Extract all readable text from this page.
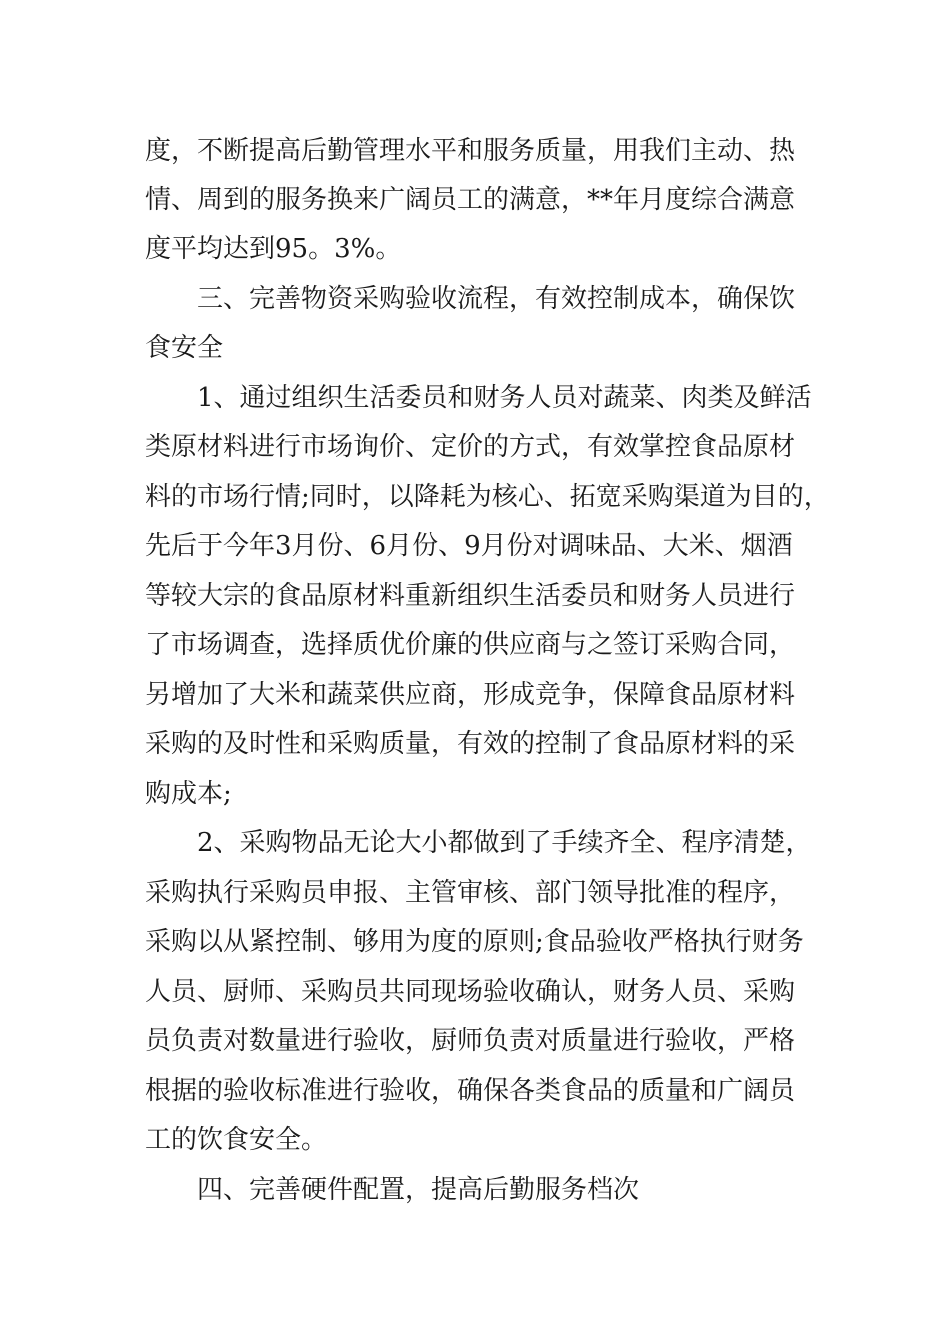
度，不断提高后勤管理水平和服务质量，用我们主动、热
情、周到的服务换来广阔员工的满意，**年月度综合满意
度平均达到95。3%。
三、完善物资采购验收流程，有效控制成本，确保饮
食安全
1、通过组织生活委员和财务人员对蔬菜、肉类及鲜活
类原材料进行市场询价、定价的方式，有效掌控食品原材
料的市场行情;同时，以降耗为核心、拓宽采购渠道为目的，
先后于今年3月份、6月份、9月份对调味品、大米、烟酒
等较大宗的食品原材料重新组织生活委员和财务人员进行
了市场调查，选择质优价廉的供应商与之签订采购合同，
另增加了大米和蔬菜供应商，形成竞争，保障食品原材料
采购的及时性和采购质量，有效的控制了食品原材料的采
购成本;
2、采购物品无论大小都做到了手续齐全、程序清楚，
采购执行采购员申报、主管审核、部门领导批准的程序，
采购以从紧控制、够用为度的原则;食品验收严格执行财务
人员、厨师、采购员共同现场验收确认，财务人员、采购
员负责对数量进行验收，厨师负责对质量进行验收，严格
根据的验收标准进行验收，确保各类食品的质量和广阔员
工的饮食安全。
四、完善硬件配置，提高后勤服务档次
